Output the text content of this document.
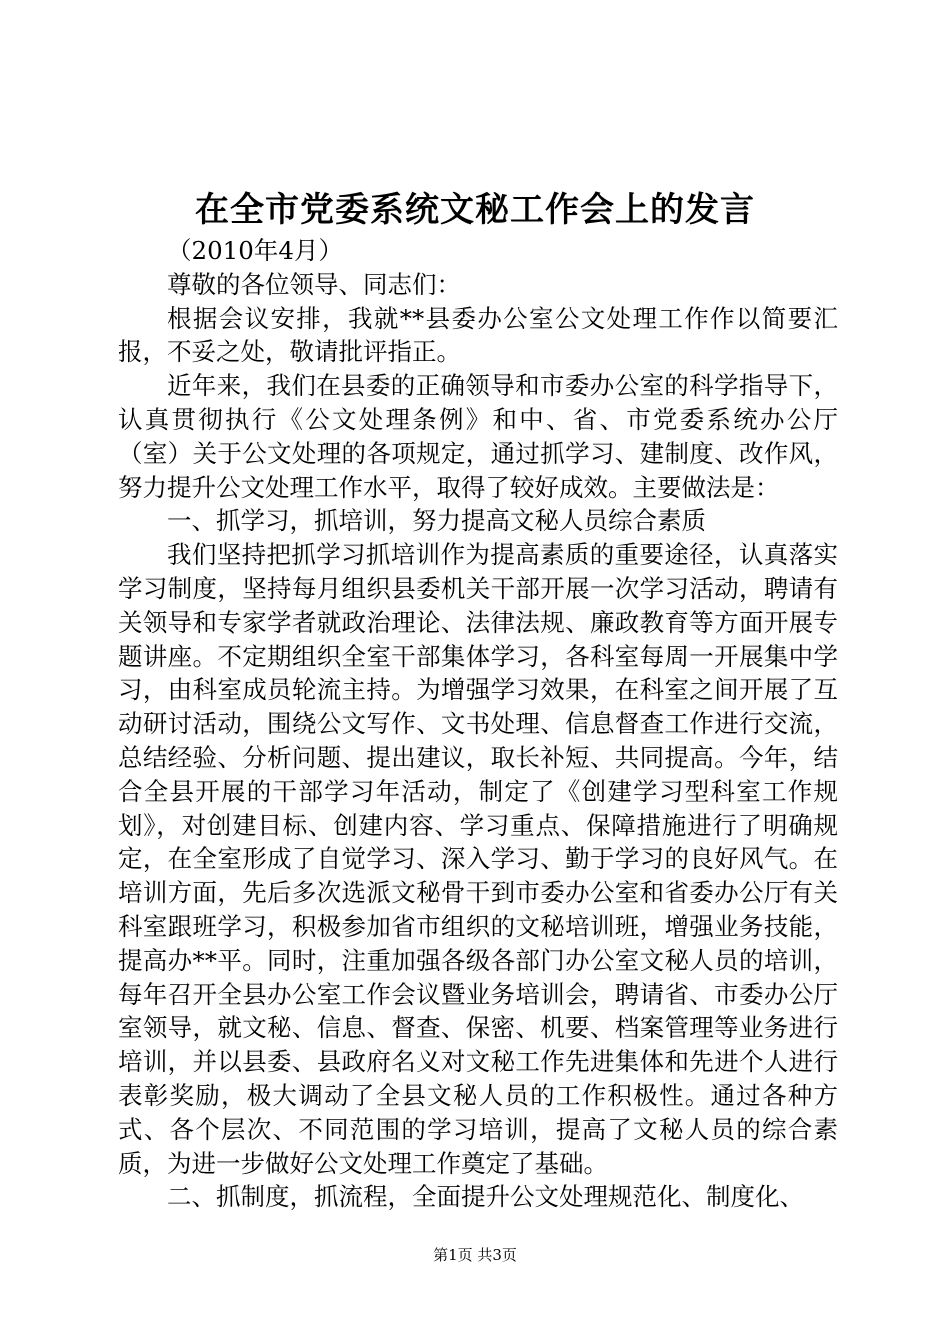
在全市党委系统文秘工作会上的发言

（2010年4月）

尊敬的各位领导、同志们：

根据会议安排，我就**县委办公室公文处理工作作以简要汇报，不妥之处，敬请批评指正。

近年来，我们在县委的正确领导和市委办公室的科学指导下，认真贯彻执行《公文处理条例》和中、省、市党委系统办公厅（室）关于公文处理的各项规定，通过抓学习、建制度、改作风，努力提升公文处理工作水平，取得了较好成效。主要做法是：

一、抓学习，抓培训，努力提高文秘人员综合素质

我们坚持把抓学习抓培训作为提高素质的重要途径，认真落实学习制度，坚持每月组织县委机关干部开展一次学习活动，聘请有关领导和专家学者就政治理论、法律法规、廉政教育等方面开展专题讲座。不定期组织全室干部集体学习，各科室每周一开展集中学习，由科室成员轮流主持。为增强学习效果，在科室之间开展了互动研讨活动，围绕公文写作、文书处理、信息督查工作进行交流，总结经验、分析问题、提出建议，取长补短、共同提高。今年，结合全县开展的干部学习年活动，制定了《创建学习型科室工作规划》，对创建目标、创建内容、学习重点、保障措施进行了明确规定，在全室形成了自觉学习、深入学习、勤于学习的良好风气。在培训方面，先后多次选派文秘骨干到市委办公室和省委办公厅有关科室跟班学习，积极参加省市组织的文秘培训班，增强业务技能，提高办**平。同时，注重加强各级各部门办公室文秘人员的培训，每年召开全县办公室工作会议暨业务培训会，聘请省、市委办公厅室领导，就文秘、信息、督查、保密、机要、档案管理等业务进行培训，并以县委、县政府名义对文秘工作先进集体和先进个人进行表彰奖励，极大调动了全县文秘人员的工作积极性。通过各种方式、各个层次、不同范围的学习培训，提高了文秘人员的综合素质，为进一步做好公文处理工作奠定了基础。

二、抓制度，抓流程，全面提升公文处理规范化、制度化、

第1页 共3页
